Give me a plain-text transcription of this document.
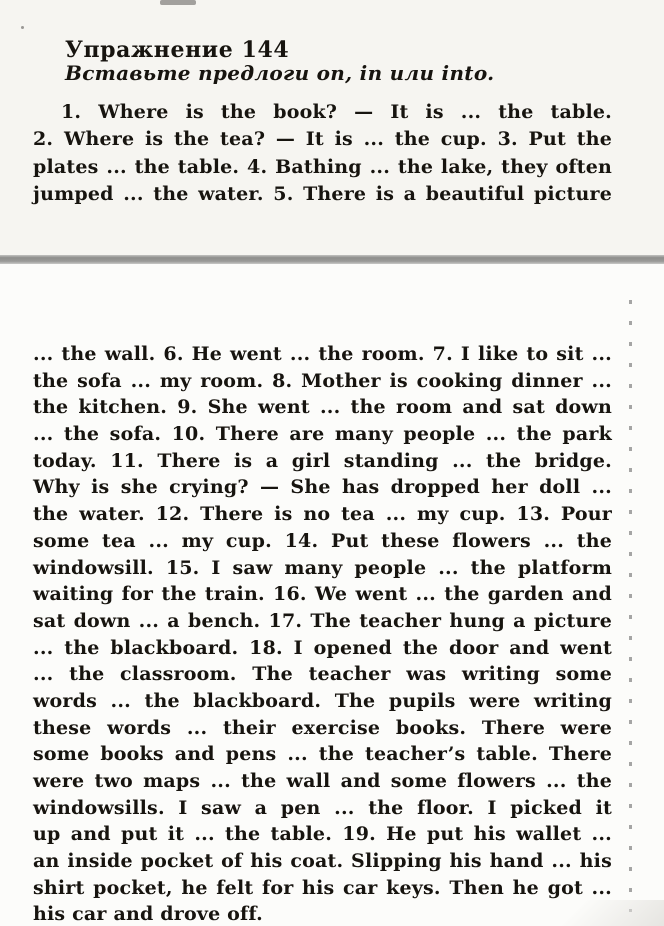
Упражнение 144
Вставьте предлоги on, in или into.
1. Where is the book? — It is ... the table.
2. Where is the tea? — It is ... the cup. 3. Put the
plates ... the table. 4. Bathing ... the lake, they often
jumped ... the water. 5. There is a beautiful picture
... the wall. 6. He went ... the room. 7. I like to sit ...
the sofa ... my room. 8. Mother is cooking dinner ...
the kitchen. 9. She went ... the room and sat down
... the sofa. 10. There are many people ... the park
today. 11. There is a girl standing ... the bridge.
Why is she crying? — She has dropped her doll ...
the water. 12. There is no tea ... my cup. 13. Pour
some tea ... my cup. 14. Put these flowers ... the
windowsill. 15. I saw many people ... the platform
waiting for the train. 16. We went ... the garden and
sat down ... a bench. 17. The teacher hung a picture
... the blackboard. 18. I opened the door and went
... the classroom. The teacher was writing some
words ... the blackboard. The pupils were writing
these words ... their exercise books. There were
some books and pens ... the teacher’s table. There
were two maps ... the wall and some flowers ... the
windowsills. I saw a pen ... the floor. I picked it
up and put it ... the table. 19. He put his wallet ...
an inside pocket of his coat. Slipping his hand ... his
shirt pocket, he felt for his car keys. Then he got ...
his car and drove off.
